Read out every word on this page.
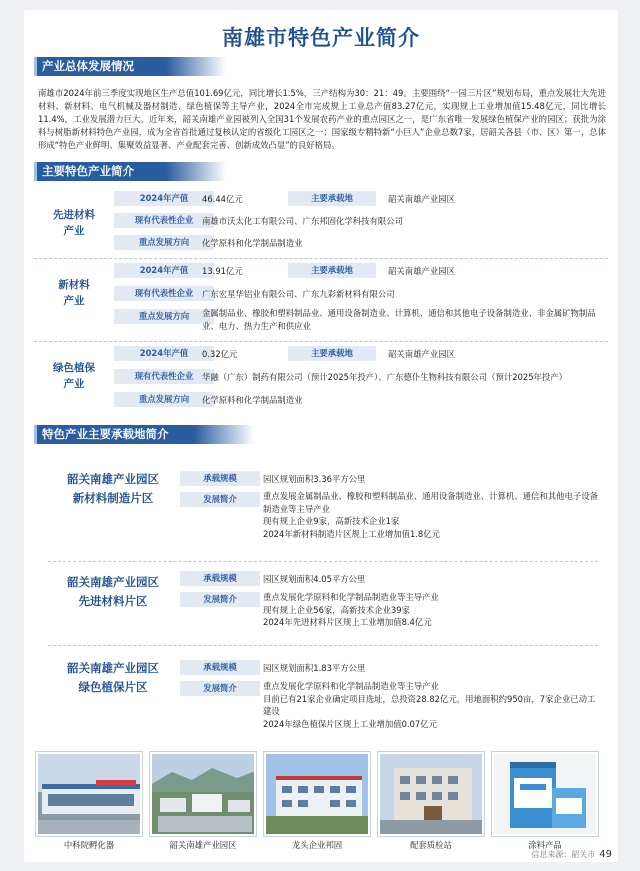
南雄市特色产业简介
产业总体发展情况
南雄市2024年前三季度实现地区生产总值101.69亿元，同比增长1.5%，三产结构为30：21：49。主要围绕“一园三片区”规划布局，重点发展壮大先进材料、新材料、电气机械及器材制造、绿色植保等主导产业，2024全市完成规上工业总产值83.27亿元，实现规上工业增加值15.48亿元，同比增长11.4%，工业发展潜力巨大。近年来，韶关南雄产业园被列入全国31个发展农药产业的重点园区之一，是广东省唯一发展绿色植保产业的园区；获批为涂料与树脂新材料特色产业园，成为全省首批通过复核认定的省级化工园区之一；国家级专精特新“小巨人”企业总数7家，居韶关各县（市、区）第一，总体形成“特色产业鲜明、集聚效益显著、产业配套完善、创新成效凸显”的良好格局。
主要特色产业简介
先进材料
产业
2024年产值	46.44亿元	主要承载地	韶关南雄产业园区
现有代表性企业	南雄市沃太化工有限公司、广东邦固化学科技有限公司
重点发展方向	化学原料和化学制品制造业
新材料
产业
2024年产值	13.91亿元	主要承载地	韶关南雄产业园区
现有代表性企业	广东宏星华铝业有限公司、广东九彩新材料有限公司
重点发展方向	金属制品业、橡胶和塑料制品业、通用设备制造业、计算机、通信和其他电子设备制造业、非金属矿物制品业、电力、热力生产和供应业
绿色植保
产业
2024年产值	0.32亿元	主要承载地	韶关南雄产业园区
现有代表性企业	华融（广东）制药有限公司（预计2025年投产）、广东德仆生物科技有限公司（预计2025年投产）
重点发展方向	化学原料和化学制品制造业
特色产业主要承载地简介
韶关南雄产业园区
新材料制造片区
承载规模	园区规划面积3.36平方公里
发展简介	重点发展金属制品业、橡胶和塑料制品业、通用设备制造业、计算机、通信和其他电子设备制造业等主导产业
现有规上企业9家，高新技术企业1家
2024年新材料制造片区规上工业增加值1.8亿元
韶关南雄产业园区
先进材料片区
承载规模	园区规划面积4.05平方公里
发展简介	重点发展化学原料和化学制品制造业等主导产业
现有规上企业56家，高新技术企业39家
2024年先进材料片区规上工业增加值8.4亿元
韶关南雄产业园区
绿色植保片区
承载规模	园区规划面积1.83平方公里
发展简介	重点发展化学原料和化学制品制造业等主导产业
目前已有21家企业确定项目选址，总投资28.82亿元，用地面积约950亩，7家企业已动工建设
2024年绿色植保片区规上工业增加值0.07亿元
中科院孵化器	韶关南雄产业园区	龙头企业邦固	配套质检站	涂料产品
信息来源：韶关市 49
